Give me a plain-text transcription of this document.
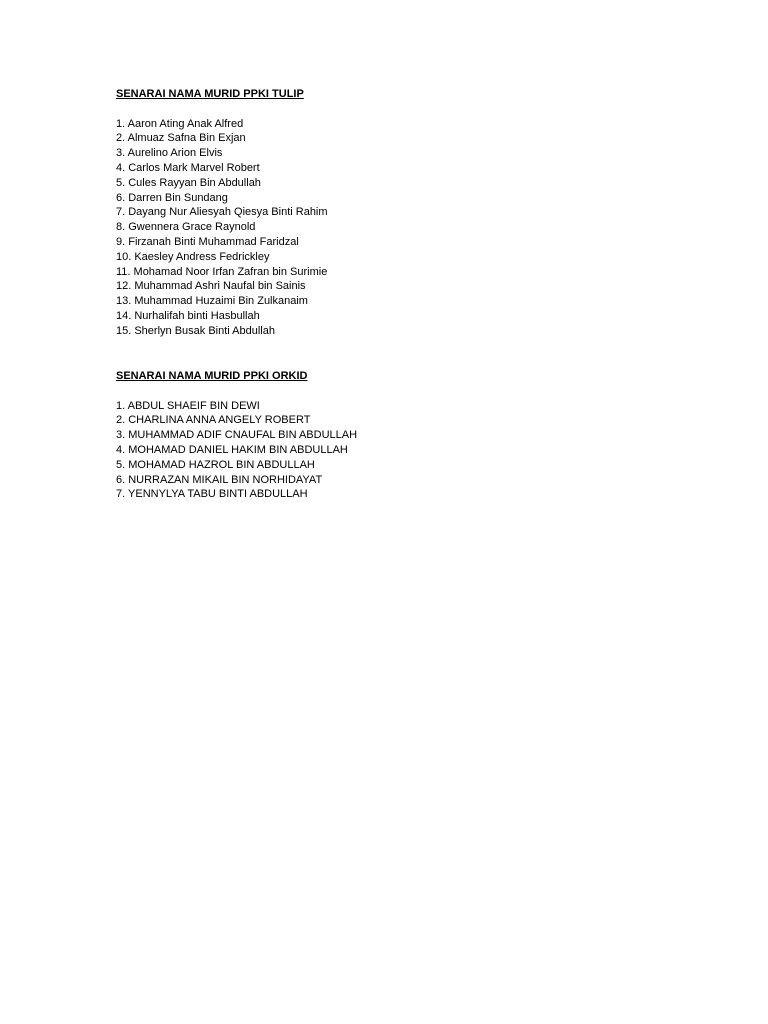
SENARAI NAMA MURID PPKI TULIP

1. Aaron Ating Anak Alfred
2. Almuaz Safna Bin Exjan
3. Aurelino Arion Elvis
4. Carlos Mark Marvel Robert
5. Cules Rayyan Bin Abdullah
6. Darren Bin Sundang
7. Dayang Nur Aliesyah Qiesya Binti Rahim
8. Gwennera Grace Raynold
9. Firzanah Binti Muhammad Faridzal
10. Kaesley Andress Fedrickley
11. Mohamad Noor Irfan Zafran bin Surimie
12. Muhammad Ashri Naufal bin Sainis
13. Muhammad Huzaimi Bin Zulkanaim
14. Nurhalifah binti Hasbullah
15. Sherlyn Busak Binti Abdullah

SENARAI NAMA MURID PPKI ORKID

1. ABDUL SHAEIF BIN DEWI
2. CHARLINA ANNA ANGELY ROBERT
3. MUHAMMAD ADIF CNAUFAL BIN ABDULLAH
4. MOHAMAD DANIEL HAKIM BIN ABDULLAH
5. MOHAMAD HAZROL BIN ABDULLAH
6. NURRAZAN MIKAIL BIN NORHIDAYAT
7. YENNYLYA TABU BINTI ABDULLAH
